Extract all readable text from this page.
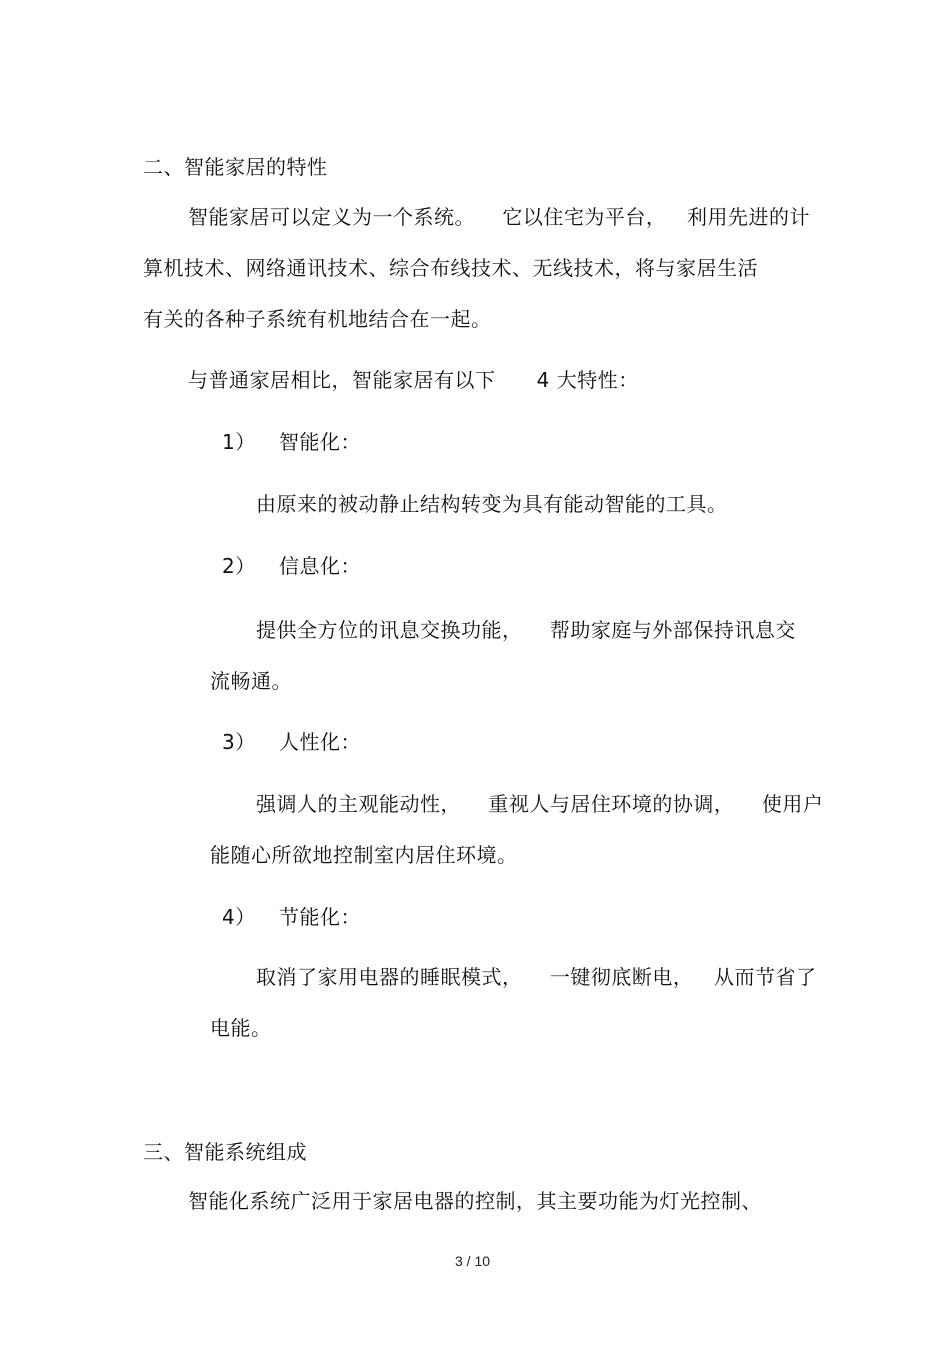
二、智能家居的特性
智能家居可以定义为一个系统。    它以住宅为平台，   利用先进的计
算机技术、网络通讯技术、综合布线技术、无线技术，将与家居生活
有关的各种子系统有机地结合在一起。
与普通家居相比，智能家居有以下      4 大特性：
1） 智能化：
由原来的被动静止结构转变为具有能动智能的工具。
2） 信息化：
提供全方位的讯息交换功能，    帮助家庭与外部保持讯息交
流畅通。
3） 人性化：
强调人的主观能动性，    重视人与居住环境的协调，    使用户
能随心所欲地控制室内居住环境。
4） 节能化：
取消了家用电器的睡眠模式，    一键彻底断电，   从而节省了
电能。
三、智能系统组成
智能化系统广泛用于家居电器的控制，其主要功能为灯光控制、
3 / 10
